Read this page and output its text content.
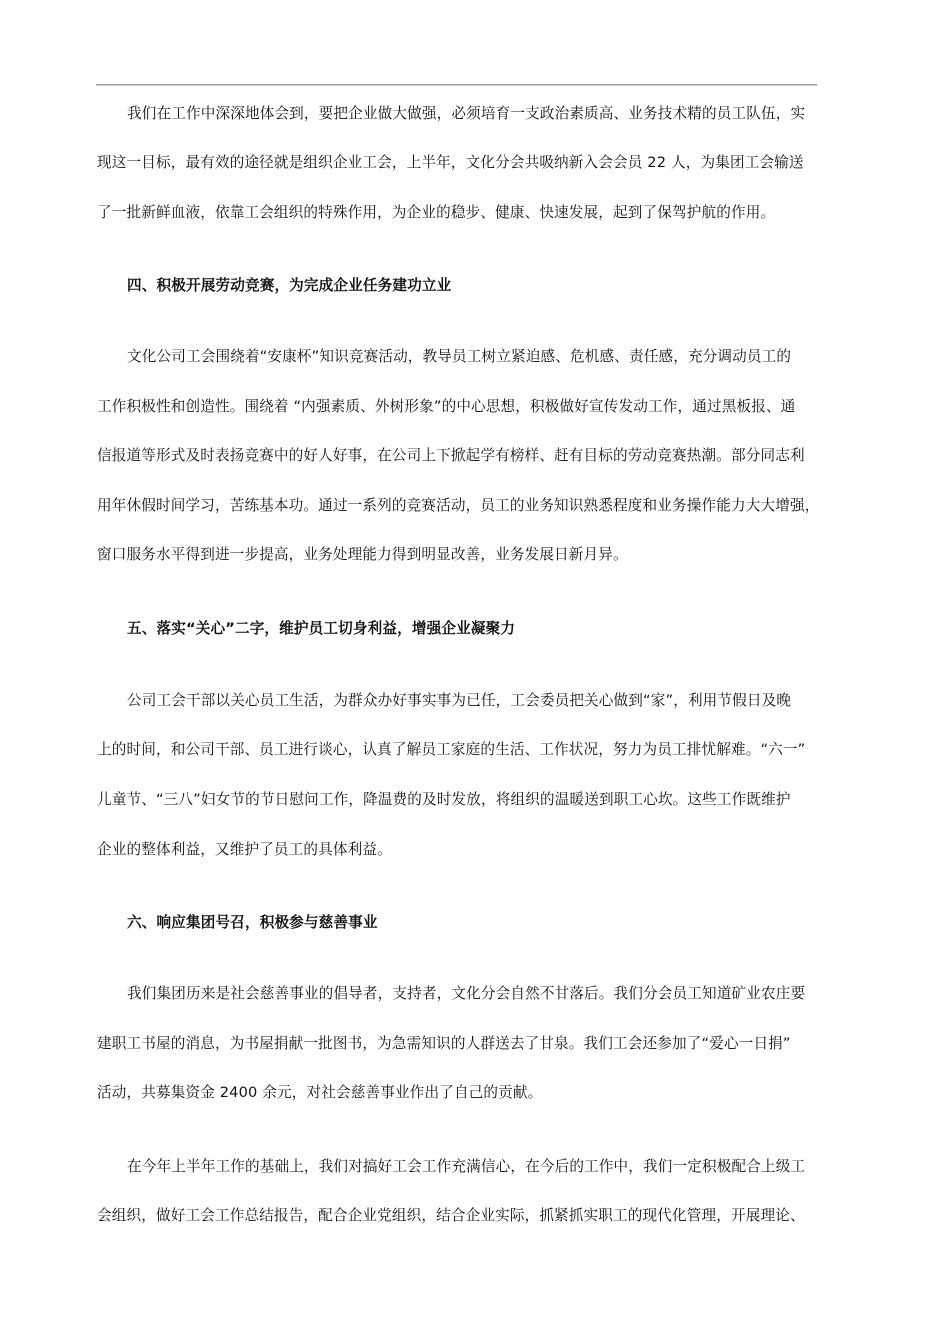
我们在工作中深深地体会到，要把企业做大做强，必须培育一支政治素质高、业务技术精的员工队伍，实
现这一目标，最有效的途径就是组织企业工会，上半年，文化分会共吸纳新入会会员 22 人，为集团工会输送
了一批新鲜血液，依靠工会组织的特殊作用，为企业的稳步、健康、快速发展，起到了保驾护航的作用。
四、积极开展劳动竞赛，为完成企业任务建功立业
文化公司工会围绕着“安康杯”知识竞赛活动，教导员工树立紧迫感、危机感、责任感，充分调动员工的
工作积极性和创造性。围绕着 “内强素质、外树形象”的中心思想，积极做好宣传发动工作，通过黑板报、通
信报道等形式及时表扬竞赛中的好人好事，在公司上下掀起学有榜样、赶有目标的劳动竞赛热潮。部分同志利
用年休假时间学习，苦练基本功。通过一系列的竞赛活动，员工的业务知识熟悉程度和业务操作能力大大增强，
窗口服务水平得到进一步提高，业务处理能力得到明显改善，业务发展日新月异。
五、落实“关心”二字，维护员工切身利益，增强企业凝聚力
公司工会干部以关心员工生活，为群众办好事实事为已任，工会委员把关心做到“家”，利用节假日及晚
上的时间，和公司干部、员工进行谈心，认真了解员工家庭的生活、工作状况，努力为员工排忧解难。“六一”
儿童节、“三八”妇女节的节日慰问工作，降温费的及时发放，将组织的温暖送到职工心坎。这些工作既维护
企业的整体利益，又维护了员工的具体利益。
六、响应集团号召，积极参与慈善事业
我们集团历来是社会慈善事业的倡导者，支持者，文化分会自然不甘落后。我们分会员工知道矿业农庄要
建职工书屋的消息，为书屋捐献一批图书，为急需知识的人群送去了甘泉。我们工会还参加了“爱心一日捐”
活动，共募集资金 2400 余元，对社会慈善事业作出了自己的贡献。
在今年上半年工作的基础上，我们对搞好工会工作充满信心，在今后的工作中，我们一定积极配合上级工
会组织，做好工会工作总结报告，配合企业党组织，结合企业实际，抓紧抓实职工的现代化管理，开展理论、
